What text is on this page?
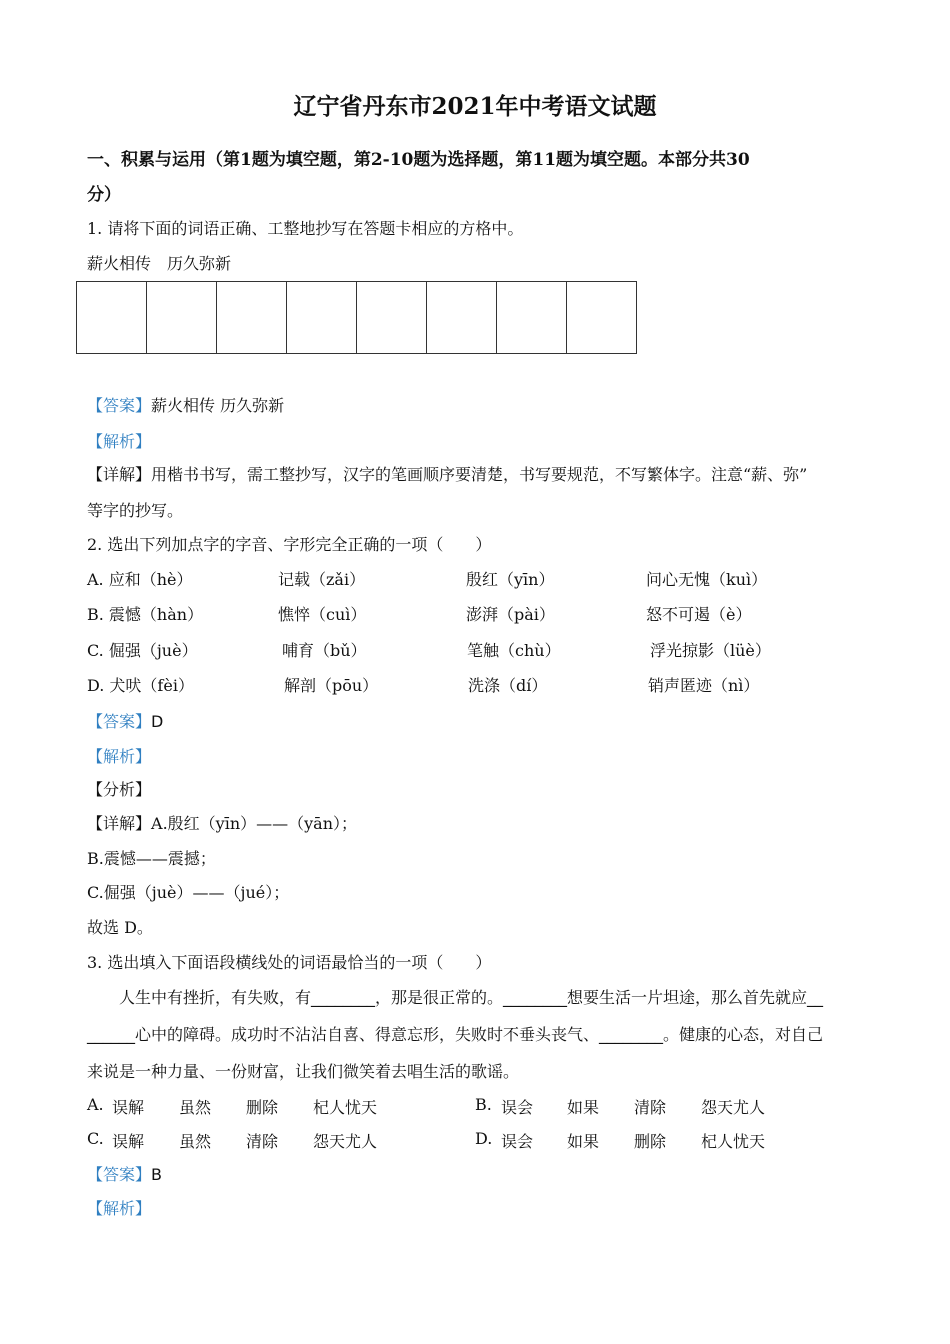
辽宁省丹东市2021年中考语文试题
一、积累与运用（第1题为填空题，第2-10题为选择题，第11题为填空题。本部分共30
分）
1. 请将下面的词语正确、工整地抄写在答题卡相应的方格中。
薪火相传　历久弥新
【答案】薪火相传 历久弥新
【解析】
【详解】用楷书书写，需工整抄写，汉字的笔画顺序要清楚，书写要规范，不写繁体字。注意“薪、弥”
等字的抄写。
2. 选出下列加点字的字音、字形完全正确的一项（　　）
A. 应和（hè）	记载（zǎi）	殷红（yīn）	问心无愧（kuì）
B. 震憾（hàn）	憔悴（cuì）	澎湃（pài）	怒不可遏（è）
C. 倔强（juè）	哺育（bǔ）	笔触（chù）	浮光掠影（lüè）
D. 犬吠（fèi）	解剖（pōu）	洗涤（dí）	销声匿迹（nì）
【答案】D
【解析】
【分析】
【详解】A.殷红（yīn）——（yān）；
B.震憾——震撼；
C.倔强（juè）——（jué）；
故选 D。
3. 选出填入下面语段横线处的词语最恰当的一项（　　）
人生中有挫折，有失败，有________，那是很正常的。________想要生活一片坦途，那么首先就应__
______心中的障碍。成功时不沾沾自喜、得意忘形，失败时不垂头丧气、________。健康的心态，对自己
来说是一种力量、一份财富，让我们微笑着去唱生活的歌谣。
A. 误解 虽然 删除 杞人忧天	B. 误会 如果 清除 怨天尤人
C. 误解 虽然 清除 怨天尤人	D. 误会 如果 删除 杞人忧天
【答案】B
【解析】
